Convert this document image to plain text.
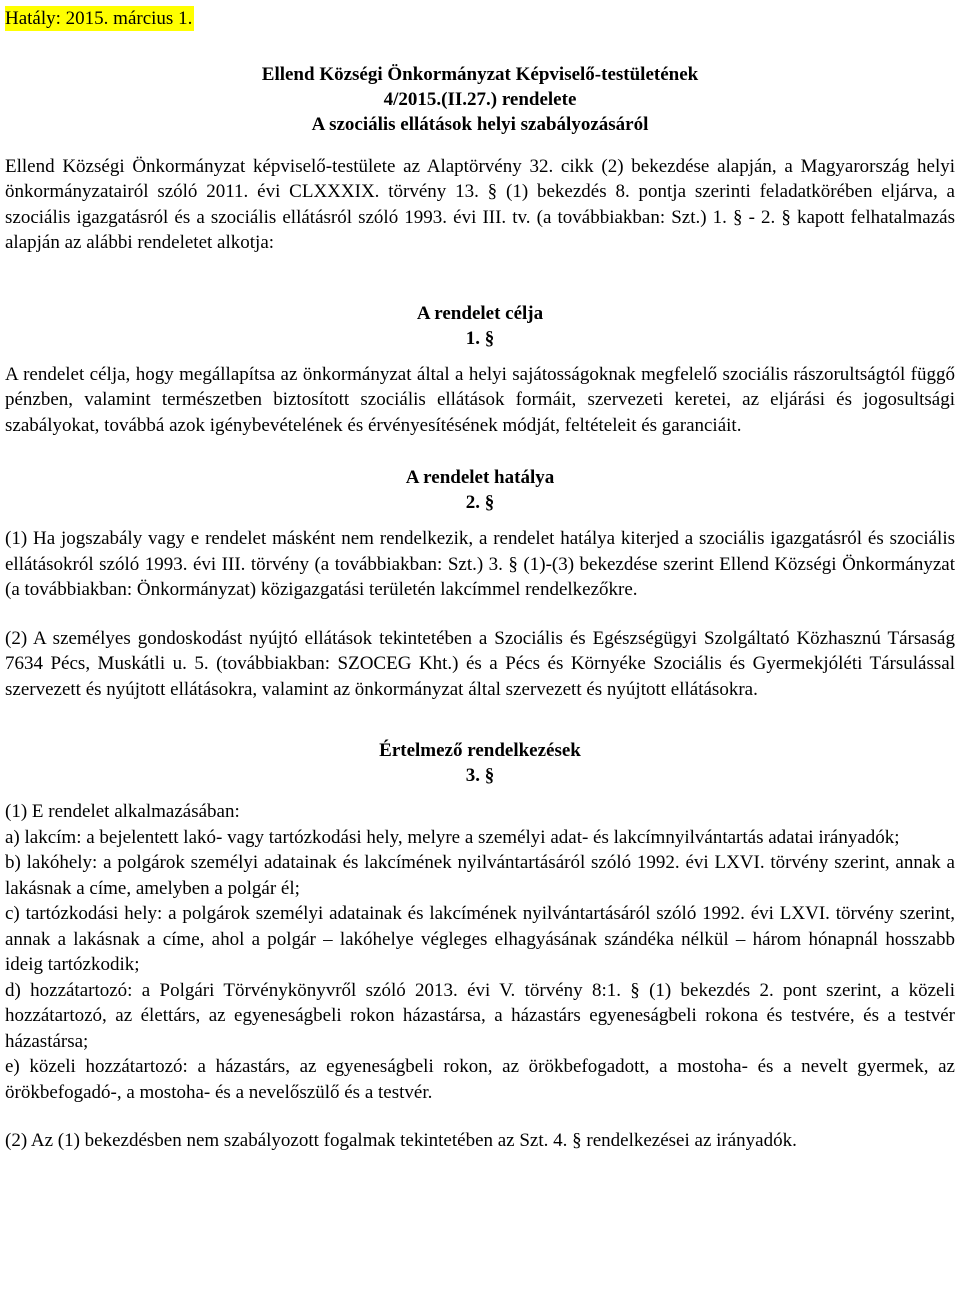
Hatály: 2015. március 1.
Ellend Községi Önkormányzat Képviselő-testületének
4/2015.(II.27.) rendelete
A szociális ellátások helyi szabályozásáról

Ellend Községi Önkormányzat képviselő-testülete az Alaptörvény 32. cikk (2) bekezdése alapján, a Magyarország helyi önkormányzatairól szóló 2011. évi CLXXXIX. törvény 13. § (1) bekezdés 8. pontja szerinti feladatkörében eljárva, a szociális igazgatásról és a szociális ellátásról szóló 1993. évi III. tv. (a továbbiakban: Szt.) 1. § - 2. § kapott felhatalmazás alapján az alábbi rendeletet alkotja:

A rendelet célja
1. §

A rendelet célja, hogy megállapítsa az önkormányzat által a helyi sajátosságoknak megfelelő szociális rászorultságtól függő pénzben, valamint természetben biztosított szociális ellátások formáit, szervezeti keretei, az eljárási és jogosultsági szabályokat, továbbá azok igénybevételének és érvényesítésének módját, feltételeit és garanciáit.

A rendelet hatálya
2. §

(1) Ha jogszabály vagy e rendelet másként nem rendelkezik, a rendelet hatálya kiterjed a szociális igazgatásról és szociális ellátásokról szóló 1993. évi III. törvény (a továbbiakban: Szt.) 3. § (1)-(3) bekezdése szerint Ellend Községi Önkormányzat (a továbbiakban: Önkormányzat) közigazgatási területén lakcímmel rendelkezőkre.

(2) A személyes gondoskodást nyújtó ellátások tekintetében a Szociális és Egészségügyi Szolgáltató Közhasznú Társaság 7634 Pécs, Muskátli u. 5. (továbbiakban: SZOCEG Kht.) és a Pécs és Környéke Szociális és Gyermekjóléti Társulással szervezett és nyújtott ellátásokra, valamint az önkormányzat által szervezett és nyújtott ellátásokra.

Értelmező rendelkezések
3. §

(1) E rendelet alkalmazásában:

a) lakcím: a bejelentett lakó- vagy tartózkodási hely, melyre a személyi adat- és lakcímnyilvántartás adatai irányadók;

b) lakóhely: a polgárok személyi adatainak és lakcímének nyilvántartásáról szóló 1992. évi LXVI. törvény szerint, annak a lakásnak a címe, amelyben a polgár él;

c) tartózkodási hely: a polgárok személyi adatainak és lakcímének nyilvántartásáról szóló 1992. évi LXVI. törvény szerint, annak a lakásnak a címe, ahol a polgár – lakóhelye végleges elhagyásának szándéka nélkül – három hónapnál hosszabb ideig tartózkodik;

d) hozzátartozó: a Polgári Törvénykönyvről szóló 2013. évi V. törvény 8:1. § (1) bekezdés 2. pont szerint, a közeli hozzátartozó, az élettárs, az egyeneságbeli rokon házastársa, a házastárs egyeneságbeli rokona és testvére, és a testvér házastársa;

e) közeli hozzátartozó: a házastárs, az egyeneságbeli rokon, az örökbefogadott, a mostoha- és a nevelt gyermek, az örökbefogadó-, a mostoha- és a nevelőszülő és a testvér.

(2) Az (1) bekezdésben nem szabályozott fogalmak tekintetében az Szt. 4. § rendelkezései az irányadók.
